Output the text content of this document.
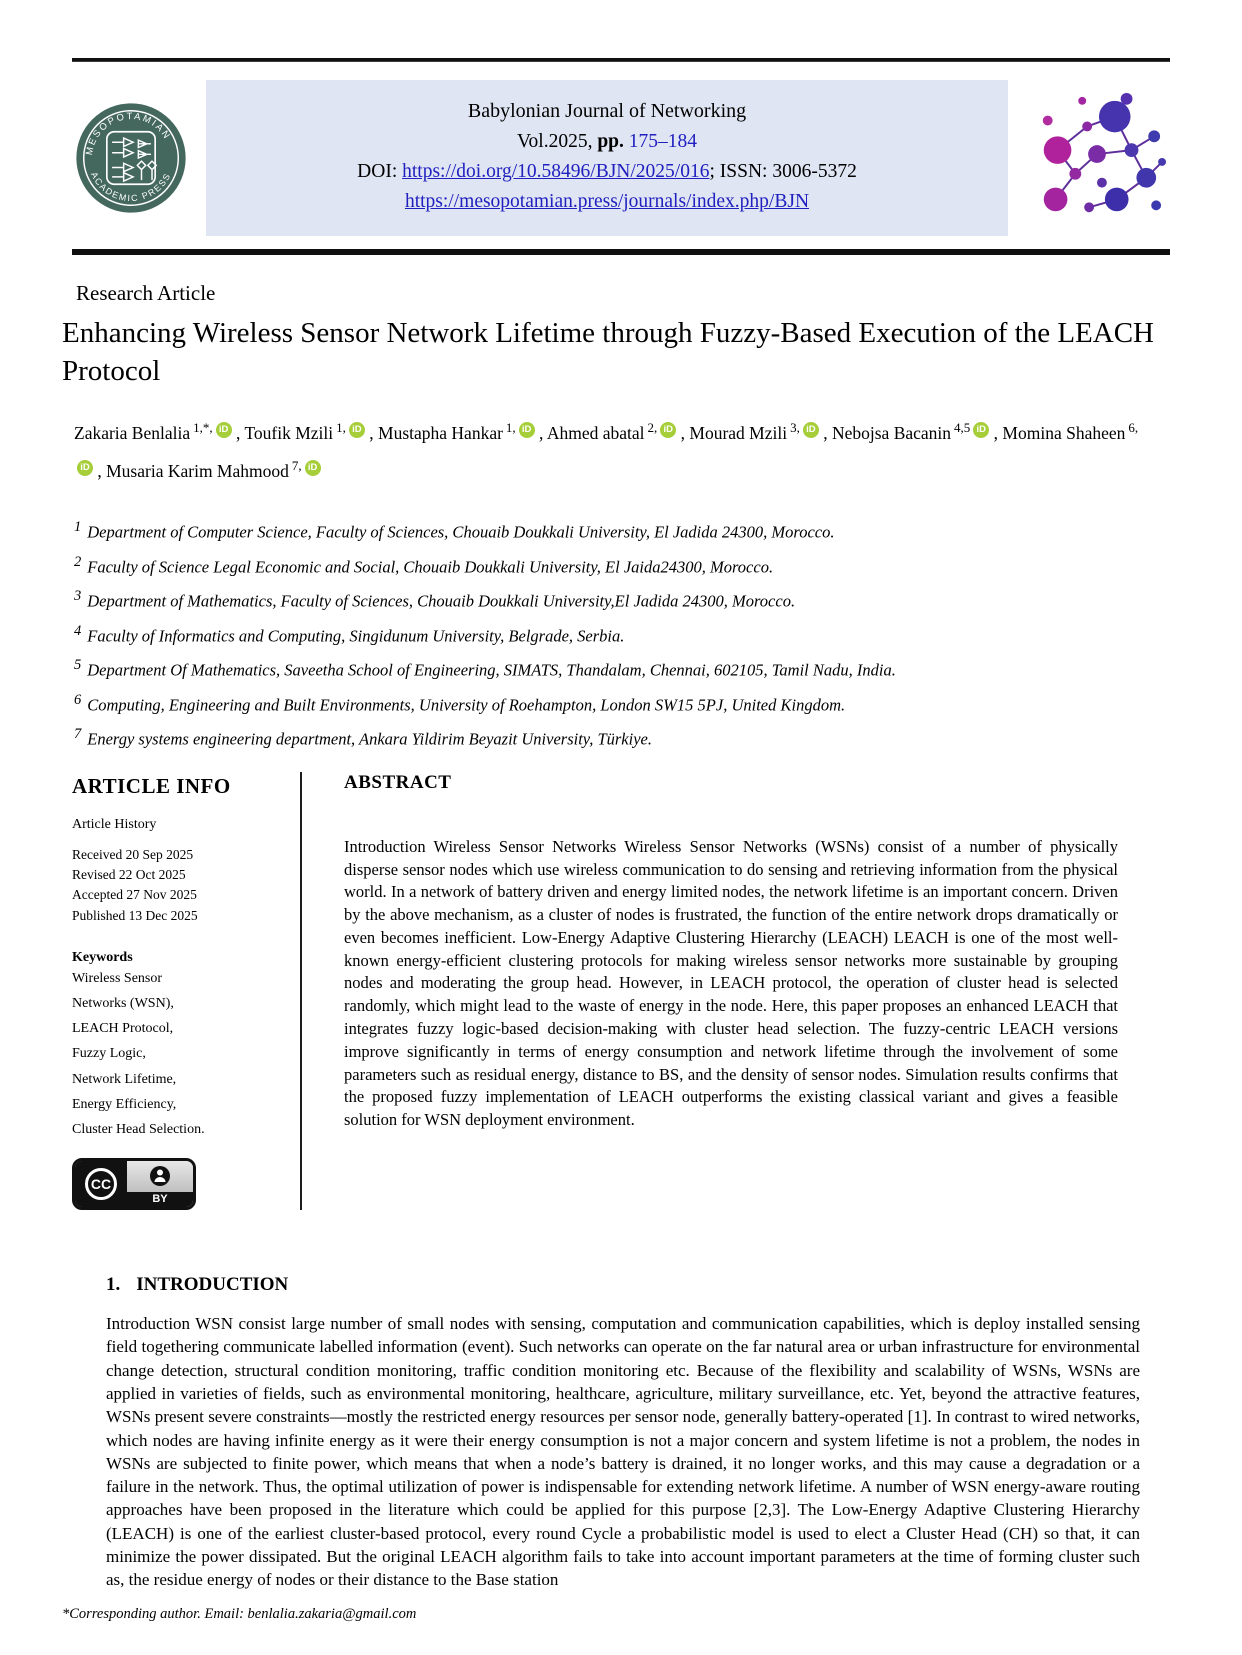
MESOPOTAMIAN
ACADEMIC PRESS
Babylonian Journal of Networking
Vol.2025, pp. 175–184
DOI: https://doi.org/10.58496/BJN/2025/016; ISSN: 3006-5372
https://mesopotamian.press/journals/index.php/BJN
Research Article
Enhancing Wireless Sensor Network Lifetime through Fuzzy-Based Execution of the LEACH Protocol
Zakaria Benlalia $^{1,*,}$ iD , Toufik Mzili $^{1,}$ iD , Mustapha Hankar $^{1,}$ iD , Ahmed abatal $^{2,}$ iD , Mourad Mzili $^{3,}$ iD , Nebojsa Bacanin $^{4,5}$ iD , Momina Shaheen $^{6,}$iD , Musaria Karim Mahmood $^{7,}$ iD
$^1$ Department of Computer Science, Faculty of Sciences, Chouaib Doukkali University, El Jadida 24300, Morocco.
$^2$ Faculty of Science Legal Economic and Social, Chouaib Doukkali University, El Jaida24300, Morocco.
$^3$ Department of Mathematics, Faculty of Sciences, Chouaib Doukkali University,El Jadida 24300, Morocco.
$^4$ Faculty of Informatics and Computing, Singidunum University, Belgrade, Serbia.
$^5$ Department Of Mathematics, Saveetha School of Engineering, SIMATS, Thandalam, Chennai, 602105, Tamil Nadu, India.
$^6$ Computing, Engineering and Built Environments, University of Roehampton, London SW15 5PJ, United Kingdom.
$^7$ Energy systems engineering department, Ankara Yildirim Beyazit University, Türkiye.
ARTICLE INFO
Article History
Received 20 Sep 2025
Revised 22 Oct 2025
Accepted 27 Nov 2025
Published 13 Dec 2025
Keywords
Wireless Sensor
Networks (WSN),
LEACH Protocol,
Fuzzy Logic,
Network Lifetime,
Energy Efficiency,
Cluster Head Selection.
CC
BY
ABSTRACT

Introduction Wireless Sensor Networks Wireless Sensor Networks (WSNs) consist of a number of physically disperse sensor nodes which use wireless communication to do sensing and retrieving information from the physical world. In a network of battery driven and energy limited nodes, the network lifetime is an important concern. Driven by the above mechanism, as a cluster of nodes is frustrated, the function of the entire network drops dramatically or even becomes inefficient. Low-Energy Adaptive Clustering Hierarchy (LEACH) LEACH is one of the most well-known energy-efficient clustering protocols for making wireless sensor networks more sustainable by grouping nodes and moderating the group head. However, in LEACH protocol, the operation of cluster head is selected randomly, which might lead to the waste of energy in the node. Here, this paper proposes an enhanced LEACH that integrates fuzzy logic-based decision-making with cluster head selection. The fuzzy-centric LEACH versions improve significantly in terms of energy consumption and network lifetime through the involvement of some parameters such as residual energy, distance to BS, and the density of sensor nodes. Simulation results confirms that the proposed fuzzy implementation of LEACH outperforms the existing classical variant and gives a feasible solution for WSN deployment environment.

1. INTRODUCTION

Introduction WSN consist large number of small nodes with sensing, computation and communication capabilities, which is deploy installed sensing field togethering communicate labelled information (event). Such networks can operate on the far natural area or urban infrastructure for environmental change detection, structural condition monitoring, traffic condition monitoring etc. Because of the flexibility and scalability of WSNs, WSNs are applied in varieties of fields, such as environmental monitoring, healthcare, agriculture, military surveillance, etc. Yet, beyond the attractive features, WSNs present severe constraints—mostly the restricted energy resources per sensor node, generally battery-operated [1]. In contrast to wired networks, which nodes are having infinite energy as it were their energy consumption is not a major concern and system lifetime is not a problem, the nodes in WSNs are subjected to finite power, which means that when a node’s battery is drained, it no longer works, and this may cause a degradation or a failure in the network. Thus, the optimal utilization of power is indispensable for extending network lifetime. A number of WSN energy-aware routing approaches have been proposed in the literature which could be applied for this purpose [2,3]. The Low-Energy Adaptive Clustering Hierarchy (LEACH) is one of the earliest cluster-based protocol, every round Cycle a probabilistic model is used to elect a Cluster Head (CH) so that, it can minimize the power dissipated. But the original LEACH algorithm fails to take into account important parameters at the time of forming cluster such as, the residue energy of nodes or their distance to the Base station

*Corresponding author. Email: benlalia.zakaria@gmail.com
